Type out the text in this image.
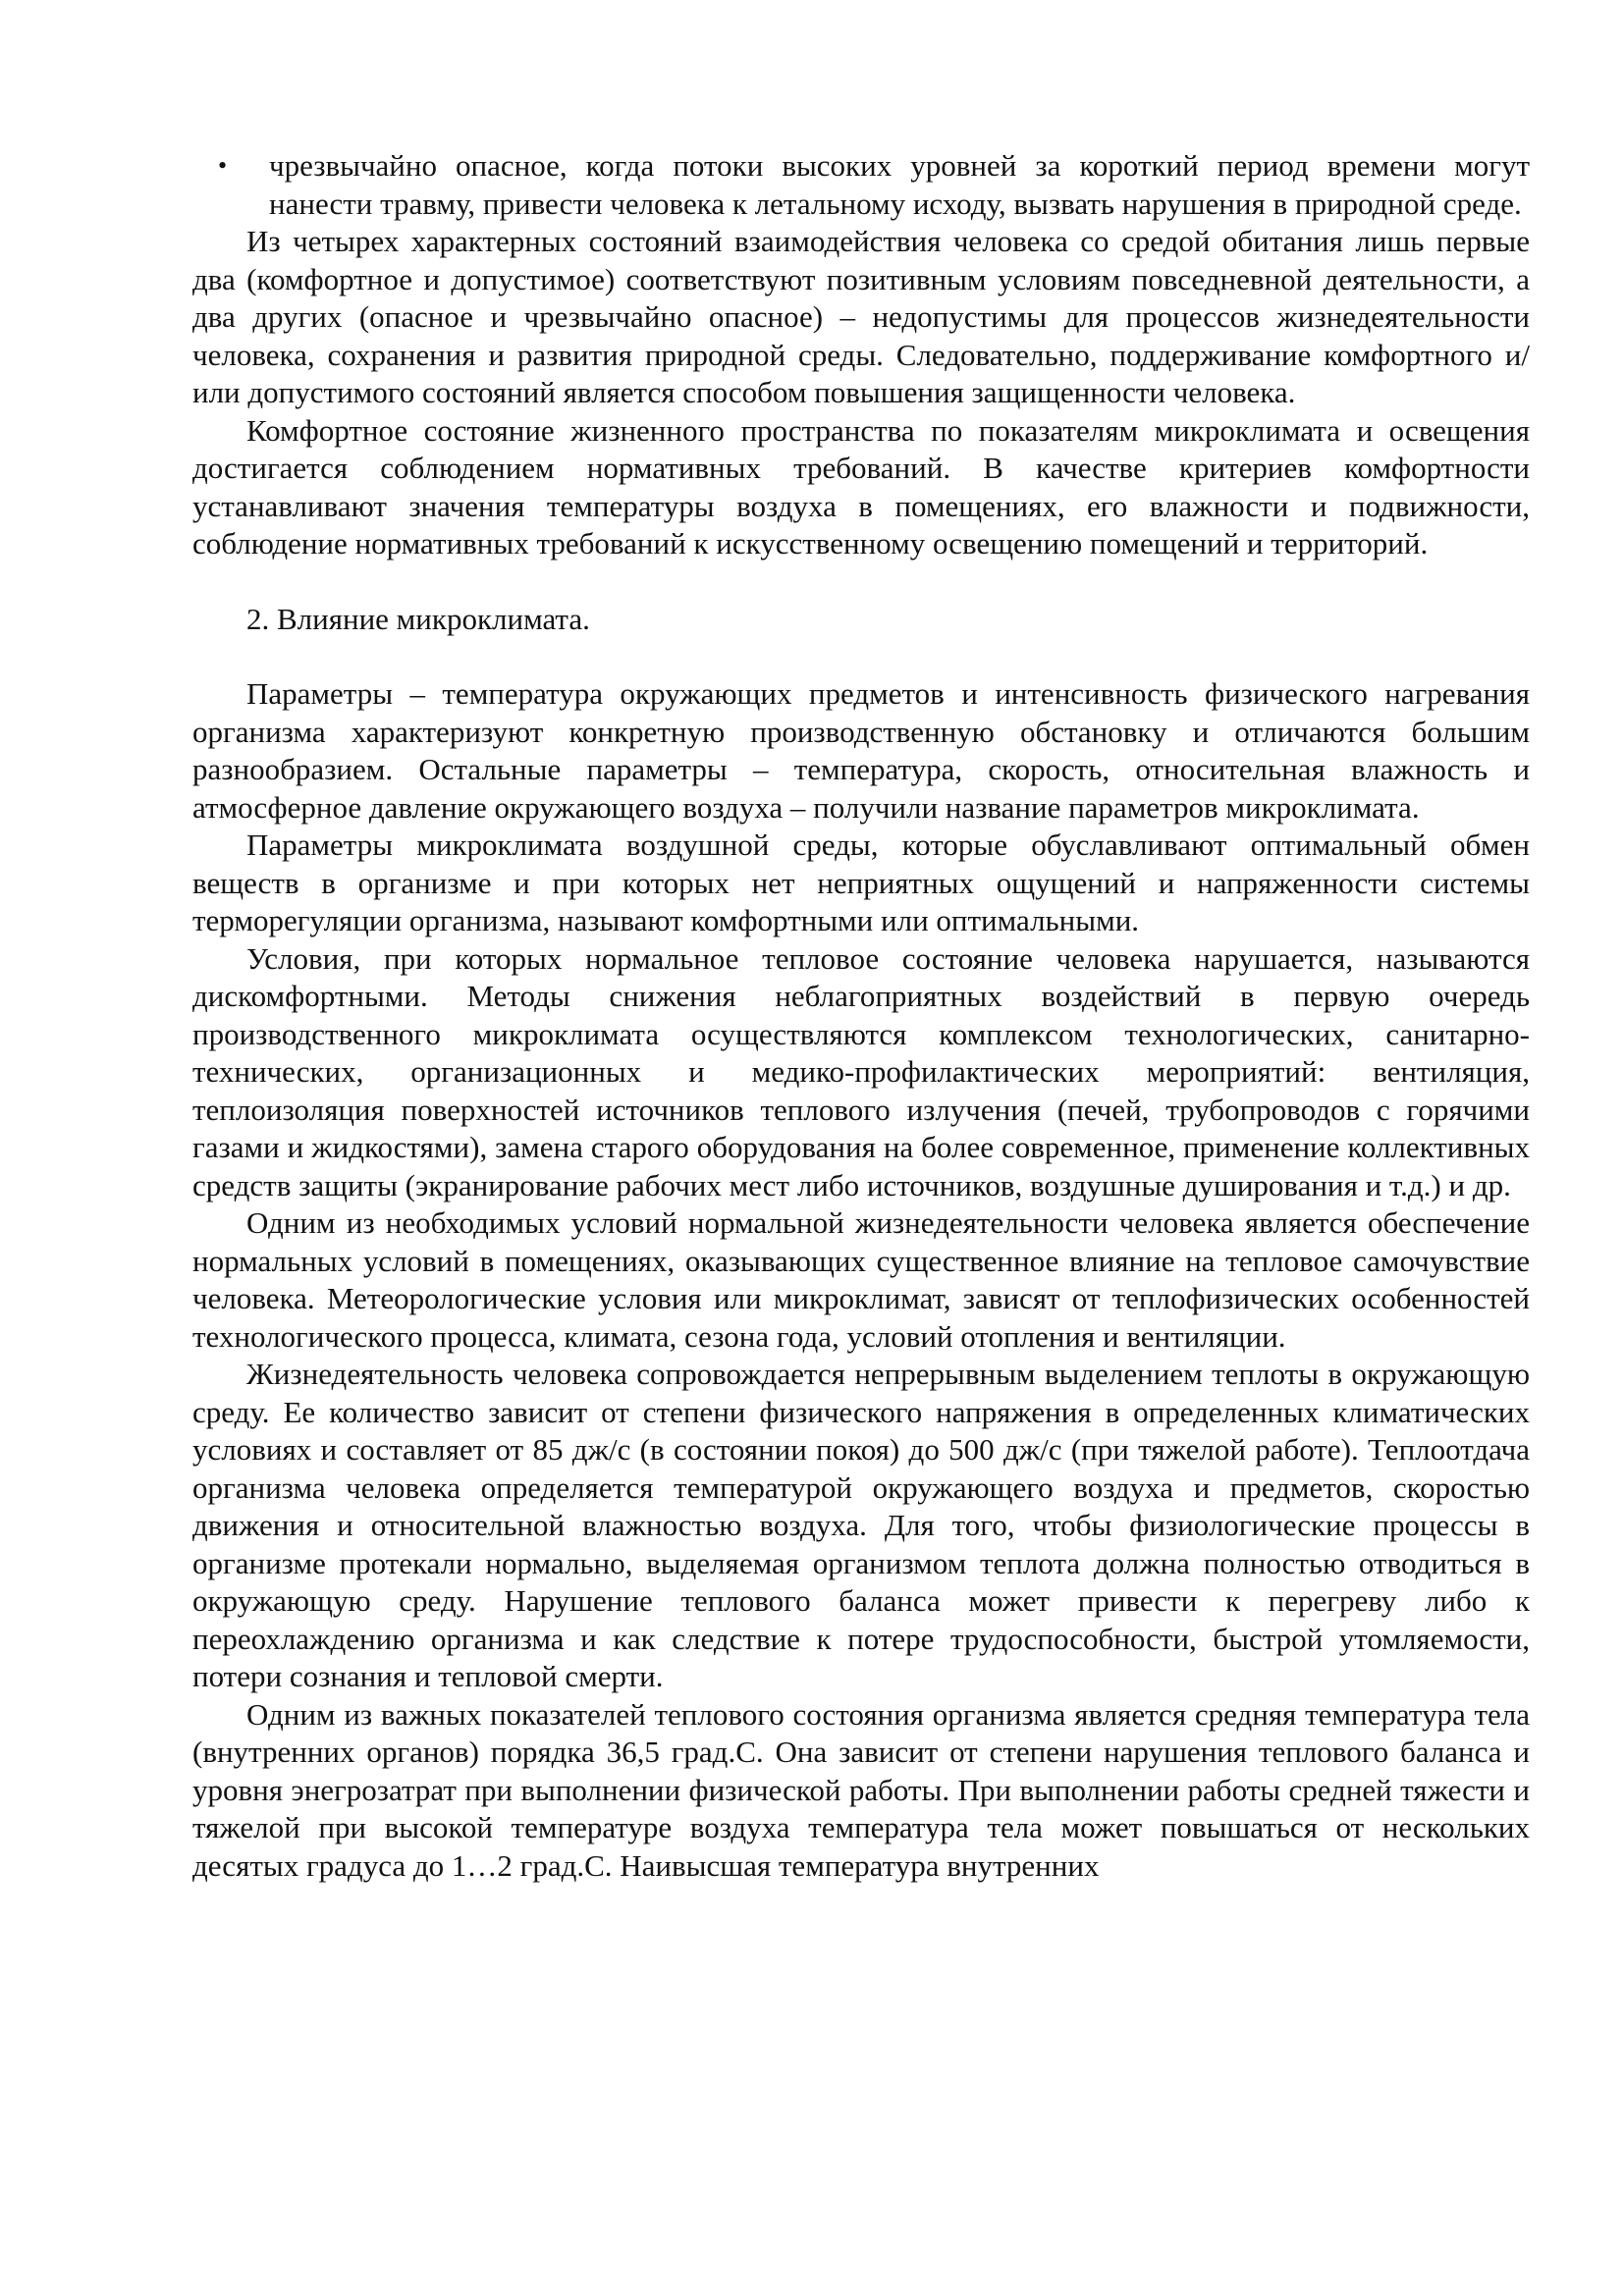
• чрезвычайно опасное, когда потоки высоких уровней за короткий период времени могут нанести травму, привести человека к летальному исходу, вызвать нарушения в природной среде.

Из четырех характерных состояний взаимодействия человека со средой обитания лишь первые два (комфортное и допустимое) соответствуют позитивным условиям повседневной деятельности, а два других (опасное и чрезвычайно опасное) – недопустимы для процессов жизнедеятельности человека, сохранения и развития природной среды. Следовательно, поддерживание комфортного и/или допустимого состояний является способом повышения защищенности человека.

Комфортное состояние жизненного пространства по показателям микроклимата и освещения достигается соблюдением нормативных требований. В качестве критериев комфортности устанавливают значения температуры воздуха в помещениях, его влажности и подвижности, соблюдение нормативных требований к искусственному освещению помещений и территорий.

2. Влияние микроклимата.

Параметры – температура окружающих предметов и интенсивность физического нагревания организма характеризуют конкретную производственную обстановку и отличаются большим разнообразием. Остальные параметры – температура, скорость, относительная влажность и атмосферное давление окружающего воздуха – получили название параметров микроклимата.

Параметры микроклимата воздушной среды, которые обуславливают оптимальный обмен веществ в организме и при которых нет неприятных ощущений и напряженности системы терморегуляции организма, называют комфортными или оптимальными.

Условия, при которых нормальное тепловое состояние человека нарушается, называются дискомфортными. Методы снижения неблагоприятных воздействий в первую очередь производственного микроклимата осуществляются комплексом технологических, санитарно-технических, организационных и медико-профилактических мероприятий: вентиляция, теплоизоляция поверхностей источников теплового излучения (печей, трубопроводов с горячими газами и жидкостями), замена старого оборудования на более современное, применение коллективных средств защиты (экранирование рабочих мест либо источников, воздушные душирования и т.д.) и др.

Одним из необходимых условий нормальной жизнедеятельности человека является обеспечение нормальных условий в помещениях, оказывающих существенное влияние на тепловое самочувствие человека. Метеорологические условия или микроклимат, зависят от теплофизических особенностей технологического процесса, климата, сезона года, условий отопления и вентиляции.

Жизнедеятельность человека сопровождается непрерывным выделением теплоты в окружающую среду. Ее количество зависит от степени физического напряжения в определенных климатических условиях и составляет от 85 дж/с (в состоянии покоя) до 500 дж/с (при тяжелой работе). Теплоотдача организма человека определяется температурой окружающего воздуха и предметов, скоростью движения и относительной влажностью воздуха. Для того, чтобы физиологические процессы в организме протекали нормально, выделяемая организмом теплота должна полностью отводиться в окружающую среду. Нарушение теплового баланса может привести к перегреву либо к переохлаждению организма и как следствие к потере трудоспособности, быстрой утомляемости, потери сознания и тепловой смерти.

Одним из важных показателей теплового состояния организма является средняя температура тела (внутренних органов) порядка 36,5 град.С. Она зависит от степени нарушения теплового баланса и уровня энегрозатрат при выполнении физической работы. При выполнении работы средней тяжести и тяжелой при высокой температуре воздуха температура тела может повышаться от нескольких десятых градуса до 1…2 град.С. Наивысшая температура внутренних
